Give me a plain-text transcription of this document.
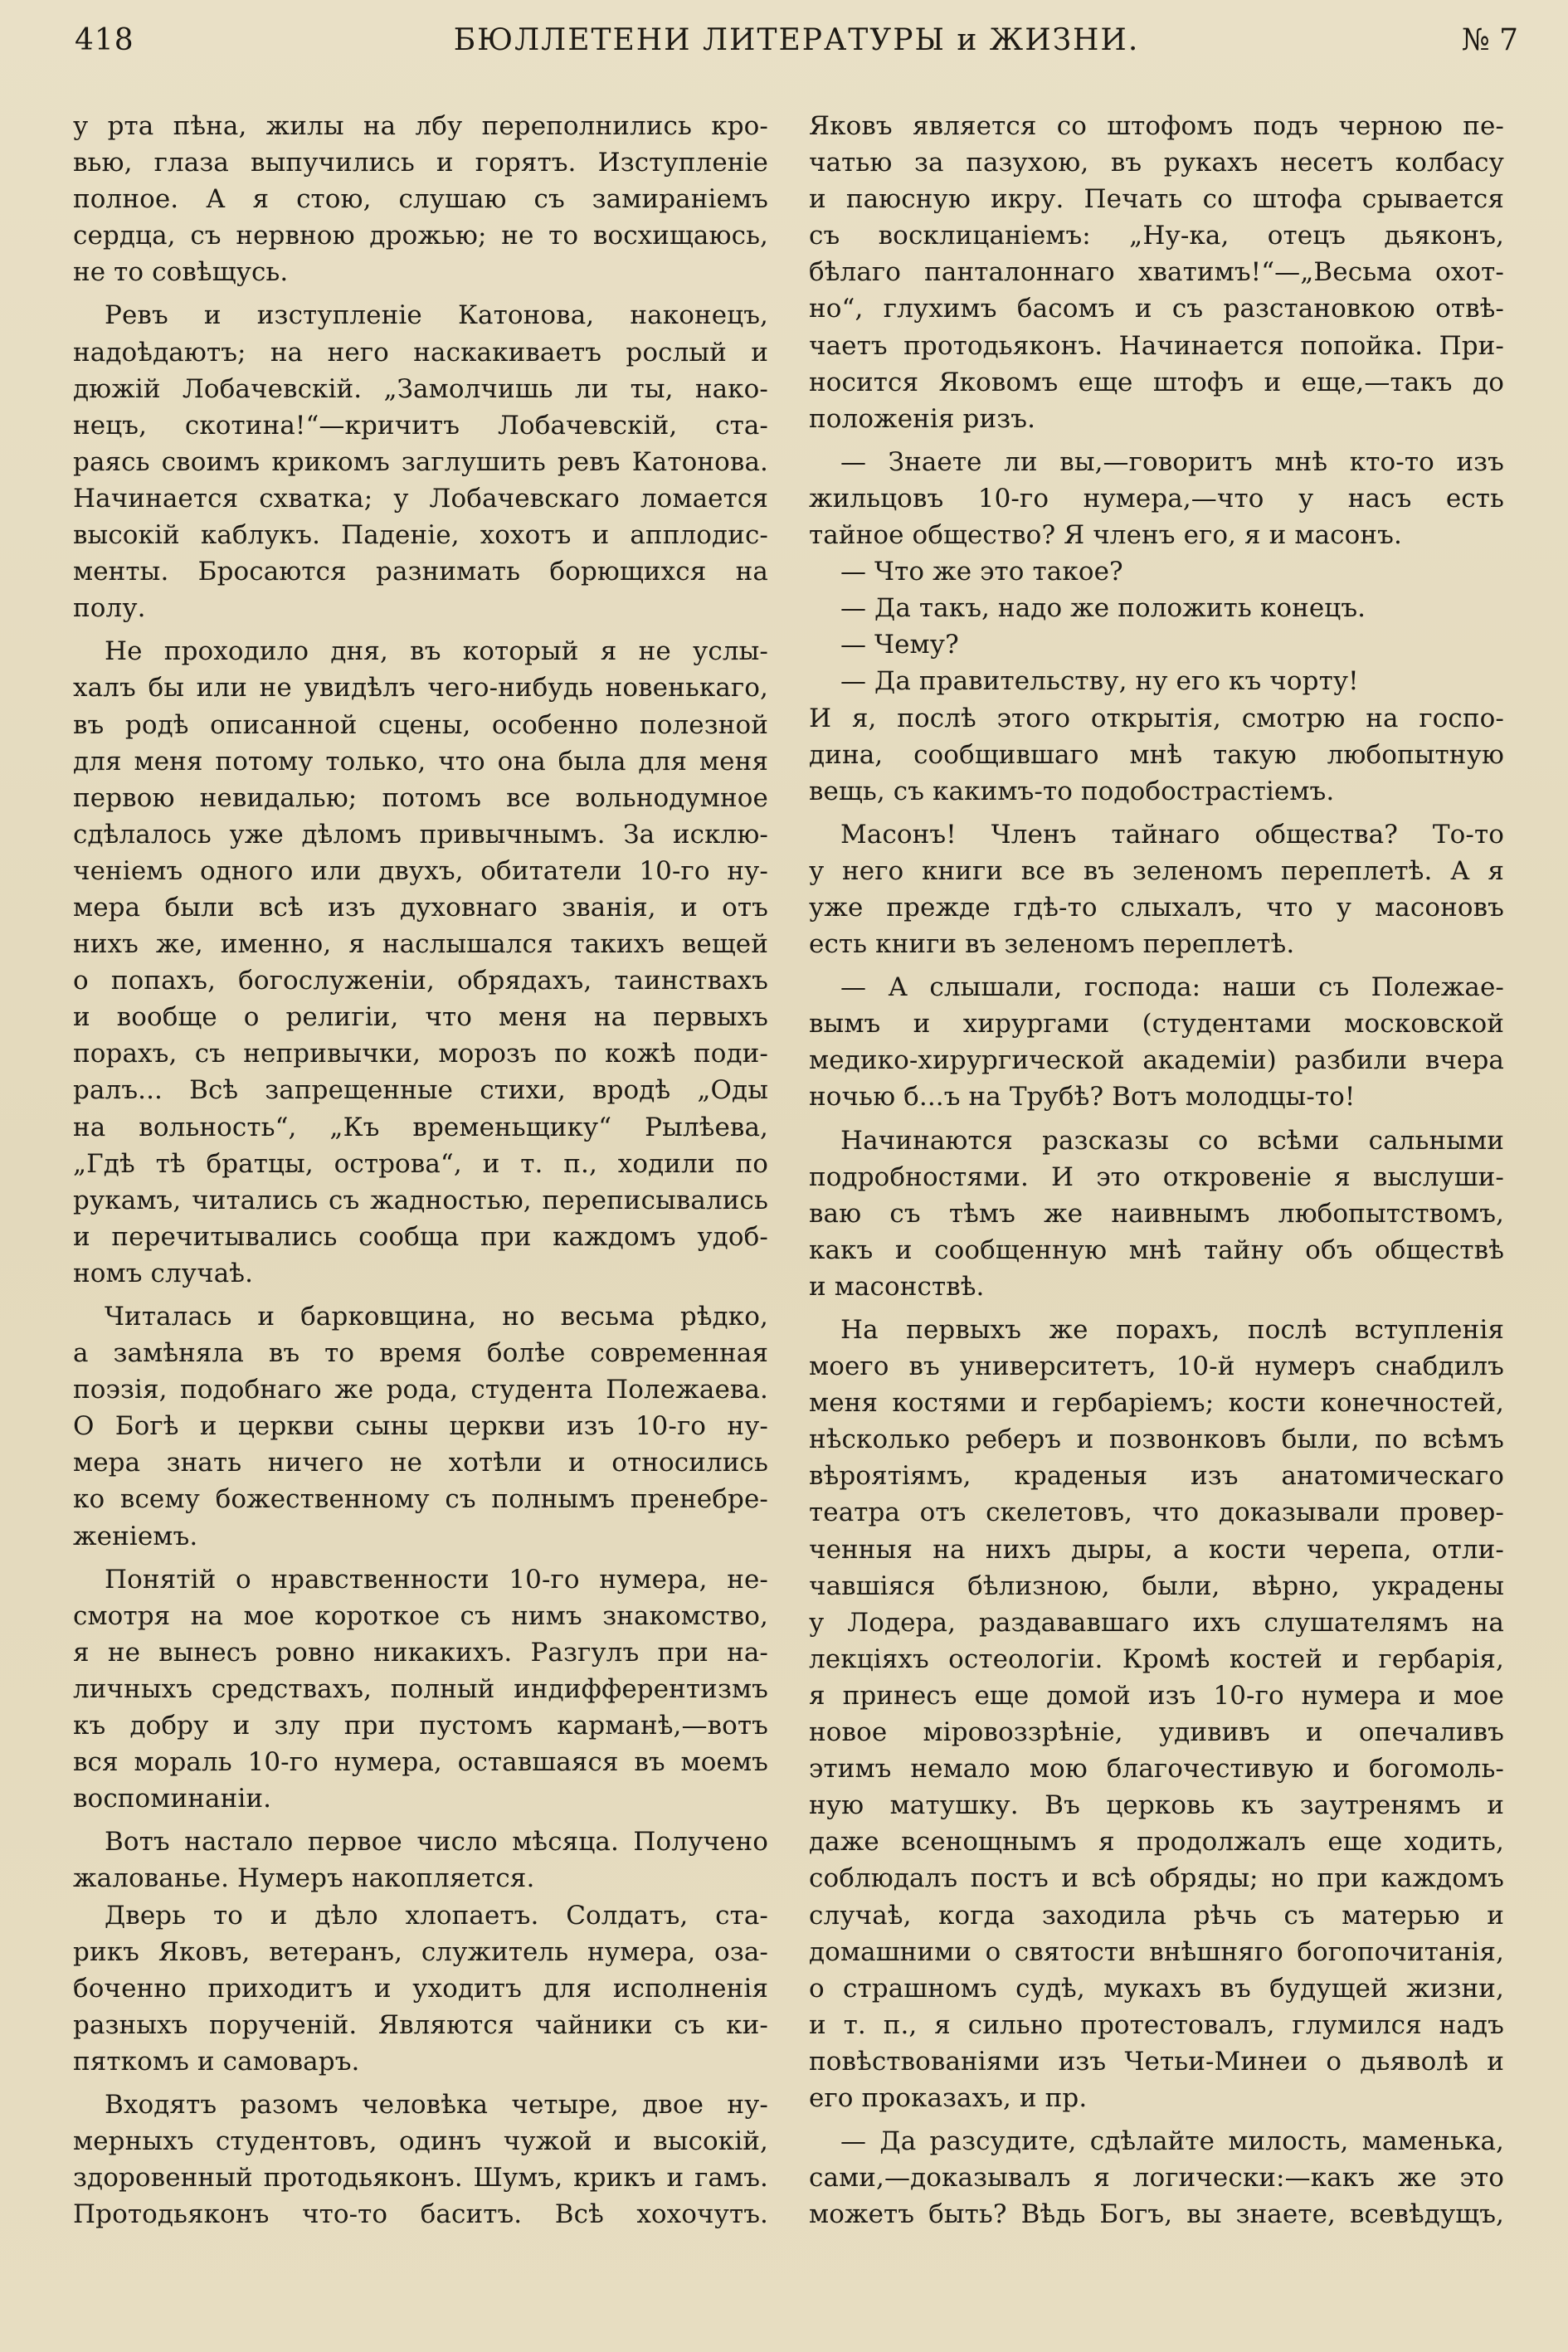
418	БЮЛЛЕТЕНИ ЛИТЕРАТУРЫ и ЖИЗНИ.	№ 7
у рта пѣна, жилы на лбу переполнились кро-
вью, глаза выпучились и горятъ. Изступленіе
полное. А я стою, слушаю съ замираніемъ
сердца, съ нервною дрожью; не то восхищаюсь,
не то совѣщусь.
Ревъ и изступленіе Катонова, наконецъ,
надоѣдаютъ; на него наскакиваетъ рослый и
дюжій Лобачевскій. „Замолчишь ли ты, нако-
нецъ, скотина!“—кричитъ Лобачевскій, ста-
раясь своимъ крикомъ заглушить ревъ Катонова.
Начинается схватка; у Лобачевскаго ломается
высокій каблукъ. Паденіе, хохотъ и апплодис-
менты. Бросаются разнимать борющихся на
полу.
Не проходило дня, въ который я не услы-
халъ бы или не увидѣлъ чего-нибудь новенькаго,
въ родѣ описанной сцены, особенно полезной
для меня потому только, что она была для меня
первою невидалью; потомъ все вольнодумное
сдѣлалось уже дѣломъ привычнымъ. За исклю-
ченіемъ одного или двухъ, обитатели 10-го ну-
мера были всѣ изъ духовнаго званія, и отъ
нихъ же, именно, я наслышался такихъ вещей
о попахъ, богослуженіи, обрядахъ, таинствахъ
и вообще о религіи, что меня на первыхъ
порахъ, съ непривычки, морозъ по кожѣ поди-
ралъ... Всѣ запрещенные стихи, вродѣ „Оды
на вольность“, „Къ временьщику“ Рылѣева,
„Гдѣ тѣ братцы, острова“, и т. п., ходили по
рукамъ, читались съ жадностью, переписывались
и перечитывались сообща при каждомъ удоб-
номъ случаѣ.
Читалась и барковщина, но весьма рѣдко,
а замѣняла въ то время болѣе современная
поэзія, подобнаго же рода, студента Полежаева.
О Богѣ и церкви сыны церкви изъ 10-го ну-
мера знать ничего не хотѣли и относились
ко всему божественному съ полнымъ пренебре-
женіемъ.
Понятій о нравственности 10-го нумера, не-
смотря на мое короткое съ нимъ знакомство,
я не вынесъ ровно никакихъ. Разгулъ при на-
личныхъ средствахъ, полный индифферентизмъ
къ добру и злу при пустомъ карманѣ,—вотъ
вся мораль 10-го нумера, оставшаяся въ моемъ
воспоминаніи.
Вотъ настало первое число мѣсяца. Получено
жалованье. Нумеръ накопляется.
Дверь то и дѣло хлопаетъ. Солдатъ, ста-
рикъ Яковъ, ветеранъ, служитель нумера, оза-
боченно приходитъ и уходитъ для исполненія
разныхъ порученій. Являются чайники съ ки-
пяткомъ и самоваръ.
Входятъ разомъ человѣка четыре, двое ну-
мерныхъ студентовъ, одинъ чужой и высокій,
здоровенный протодьяконъ. Шумъ, крикъ и гамъ.
Протодьяконъ что-то баситъ. Всѣ хохочутъ.
Яковъ является со штофомъ подъ черною пе-
чатью за пазухою, въ рукахъ несетъ колбасу
и паюсную икру. Печать со штофа срывается
съ восклицаніемъ: „Ну-ка, отецъ дьяконъ,
бѣлаго панталоннаго хватимъ!“—„Весьма охот-
но“, глухимъ басомъ и съ разстановкою отвѣ-
чаетъ протодьяконъ. Начинается попойка. При-
носится Яковомъ еще штофъ и еще,—такъ до
положенія ризъ.
— Знаете ли вы,—говоритъ мнѣ кто-то изъ
жильцовъ 10-го нумера,—что у насъ есть
тайное общество? Я членъ его, я и масонъ.
— Что же это такое?
— Да такъ, надо же положить конецъ.
— Чему?
— Да правительству, ну его къ чорту!
И я, послѣ этого открытія, смотрю на госпо-
дина, сообщившаго мнѣ такую любопытную
вещь, съ какимъ-то подобострастіемъ.
Масонъ! Членъ тайнаго общества? То-то
у него книги все въ зеленомъ переплетѣ. А я
уже прежде гдѣ-то слыхалъ, что у масоновъ
есть книги въ зеленомъ переплетѣ.
— А слышали, господа: наши съ Полежае-
вымъ и хирургами (студентами московской
медико-хирургической академіи) разбили вчера
ночью б...ъ на Трубѣ? Вотъ молодцы-то!
Начинаются разсказы со всѣми сальными
подробностями. И это откровеніе я выслуши-
ваю съ тѣмъ же наивнымъ любопытствомъ,
какъ и сообщенную мнѣ тайну объ обществѣ
и масонствѣ.
На первыхъ же порахъ, послѣ вступленія
моего въ университетъ, 10-й нумеръ снабдилъ
меня костями и гербаріемъ; кости конечностей,
нѣсколько реберъ и позвонковъ были, по всѣмъ
вѣроятіямъ, краденыя изъ анатомическаго
театра отъ скелетовъ, что доказывали провер-
ченныя на нихъ дыры, а кости черепа, отли-
чавшіяся бѣлизною, были, вѣрно, украдены
у Лодера, раздававшаго ихъ слушателямъ на
лекціяхъ остеологіи. Кромѣ костей и гербарія,
я принесъ еще домой изъ 10-го нумера и мое
новое міровоззрѣніе, удививъ и опечаливъ
этимъ немало мою благочестивую и богомоль-
ную матушку. Въ церковь къ заутренямъ и
даже всенощнымъ я продолжалъ еще ходить,
соблюдалъ постъ и всѣ обряды; но при каждомъ
случаѣ, когда заходила рѣчь съ матерью и
домашними о святости внѣшняго богопочитанія,
о страшномъ судѣ, мукахъ въ будущей жизни,
и т. п., я сильно протестовалъ, глумился надъ
повѣствованіями изъ Четьи-Минеи о дьяволѣ и
его проказахъ, и пр.
— Да разсудите, сдѣлайте милость, маменька,
сами,—доказывалъ я логически:—какъ же это
можетъ быть? Вѣдь Богъ, вы знаете, всевѣдущъ,
